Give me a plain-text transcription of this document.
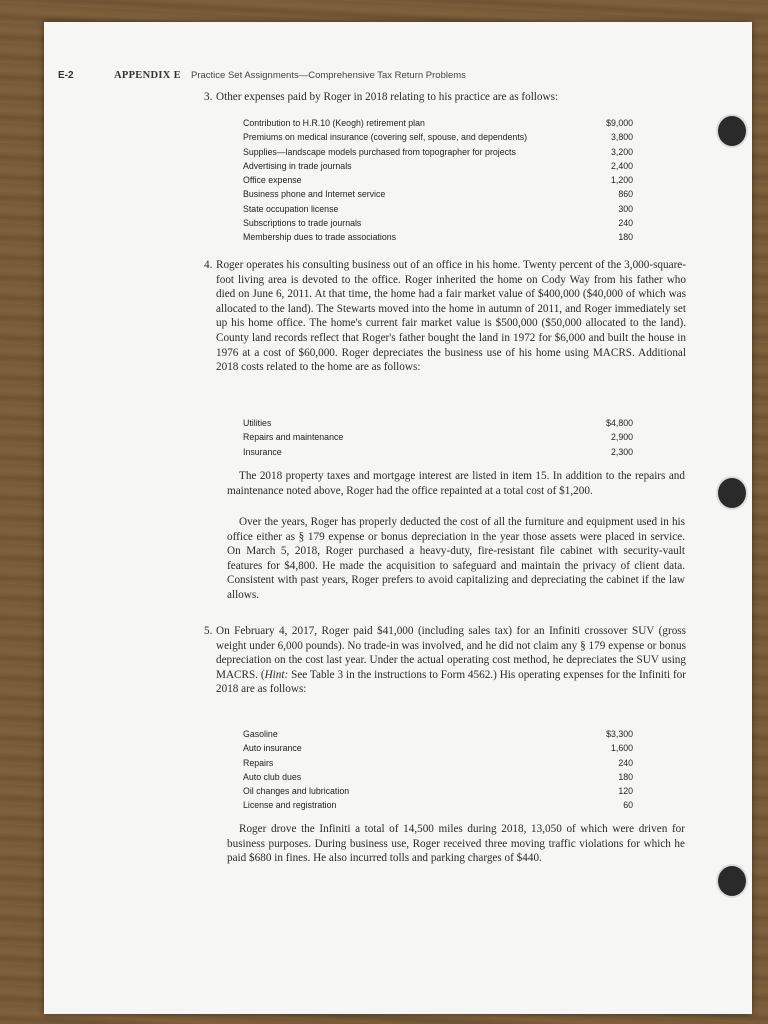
E-2	APPENDIX E Practice Set Assignments—Comprehensive Tax Return Problems
3. Other expenses paid by Roger in 2018 relating to his practice are as follows:
Contribution to H.R.10 (Keogh) retirement plan	$9,000
Premiums on medical insurance (covering self, spouse, and dependents)	3,800
Supplies—landscape models purchased from topographer for projects	3,200
Advertising in trade journals	2,400
Office expense	1,200
Business phone and Internet service	860
State occupation license	300
Subscriptions to trade journals	240
Membership dues to trade associations	180
4. Roger operates his consulting business out of an office in his home. Twenty percent of the 3,000-square-foot living area is devoted to the office. Roger inherited the home on Cody Way from his father who died on June 6, 2011. At that time, the home had a fair market value of $400,000 ($40,000 of which was allocated to the land). The Stewarts moved into the home in autumn of 2011, and Roger immediately set up his home office. The home's current fair market value is $500,000 ($50,000 allocated to the land). County land records reflect that Roger's father bought the land in 1972 for $6,000 and built the house in 1976 at a cost of $60,000. Roger depreciates the business use of his home using MACRS. Additional 2018 costs related to the home are as follows:
Utilities	$4,800
Repairs and maintenance	2,900
Insurance	2,300
The 2018 property taxes and mortgage interest are listed in item 15. In addition to the repairs and maintenance noted above, Roger had the office repainted at a total cost of $1,200.
Over the years, Roger has properly deducted the cost of all the furniture and equipment used in his office either as § 179 expense or bonus depreciation in the year those assets were placed in service. On March 5, 2018, Roger purchased a heavy-duty, fire-resistant file cabinet with security-vault features for $4,800. He made the acquisition to safeguard and maintain the privacy of client data. Consistent with past years, Roger prefers to avoid capitalizing and depreciating the cabinet if the law allows.
5. On February 4, 2017, Roger paid $41,000 (including sales tax) for an Infiniti crossover SUV (gross weight under 6,000 pounds). No trade-in was involved, and he did not claim any § 179 expense or bonus depreciation on the cost last year. Under the actual operating cost method, he depreciates the SUV using MACRS. (Hint: See Table 3 in the instructions to Form 4562.) His operating expenses for the Infiniti for 2018 are as follows:
Gasoline	$3,300
Auto insurance	1,600
Repairs	240
Auto club dues	180
Oil changes and lubrication	120
License and registration	60
Roger drove the Infiniti a total of 14,500 miles during 2018, 13,050 of which were driven for business purposes. During business use, Roger received three moving traffic violations for which he paid $680 in fines. He also incurred tolls and parking charges of $440.
